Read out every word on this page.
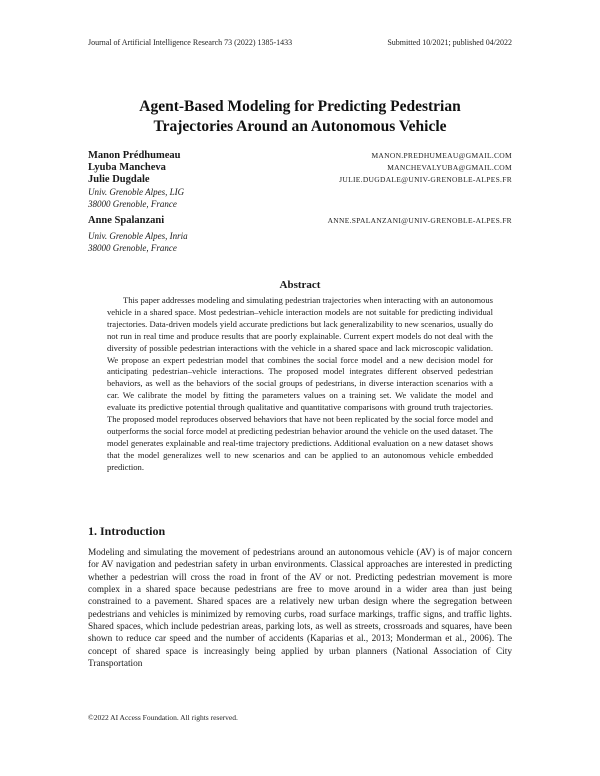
Journal of Artificial Intelligence Research 73 (2022) 1385-1433	Submitted 10/2021; published 04/2022
Agent-Based Modeling for Predicting Pedestrian
Trajectories Around an Autonomous Vehicle
Manon Prédhumeau	MANON.PREDHUMEAU@GMAIL.COM
Lyuba Mancheva	MANCHEVALYUBA@GMAIL.COM
Julie Dugdale	JULIE.DUGDALE@UNIV-GRENOBLE-ALPES.FR
Univ. Grenoble Alpes, LIG
38000 Grenoble, France
Anne Spalanzani	ANNE.SPALANZANI@UNIV-GRENOBLE-ALPES.FR
Univ. Grenoble Alpes, Inria
38000 Grenoble, France
Abstract
This paper addresses modeling and simulating pedestrian trajectories when interacting with an autonomous vehicle in a shared space. Most pedestrian–vehicle interaction models are not suitable for predicting individual trajectories. Data-driven models yield accurate predictions but lack generalizability to new scenarios, usually do not run in real time and produce results that are poorly explainable. Current expert models do not deal with the diversity of possible pedestrian interactions with the vehicle in a shared space and lack microscopic validation. We propose an expert pedestrian model that combines the social force model and a new decision model for anticipating pedestrian–vehicle interactions. The proposed model integrates different observed pedestrian behaviors, as well as the behaviors of the social groups of pedestrians, in diverse interaction scenarios with a car. We calibrate the model by fitting the parameters values on a training set. We validate the model and evaluate its predictive potential through qualitative and quantitative comparisons with ground truth trajectories. The proposed model reproduces observed behaviors that have not been replicated by the social force model and outperforms the social force model at predicting pedestrian behavior around the vehicle on the used dataset. The model generates explainable and real-time trajectory predictions. Additional evaluation on a new dataset shows that the model generalizes well to new scenarios and can be applied to an autonomous vehicle embedded prediction.
1. Introduction
Modeling and simulating the movement of pedestrians around an autonomous vehicle (AV) is of major concern for AV navigation and pedestrian safety in urban environments. Classical approaches are interested in predicting whether a pedestrian will cross the road in front of the AV or not. Predicting pedestrian movement is more complex in a shared space because pedestrians are free to move around in a wider area than just being constrained to a pavement. Shared spaces are a relatively new urban design where the segregation between pedestrians and vehicles is minimized by removing curbs, road surface markings, traffic signs, and traffic lights. Shared spaces, which include pedestrian areas, parking lots, as well as streets, crossroads and squares, have been shown to reduce car speed and the number of accidents (Kaparias et al., 2013; Monderman et al., 2006). The concept of shared space is increasingly being applied by urban planners (National Association of City Transportation
©2022 AI Access Foundation. All rights reserved.
